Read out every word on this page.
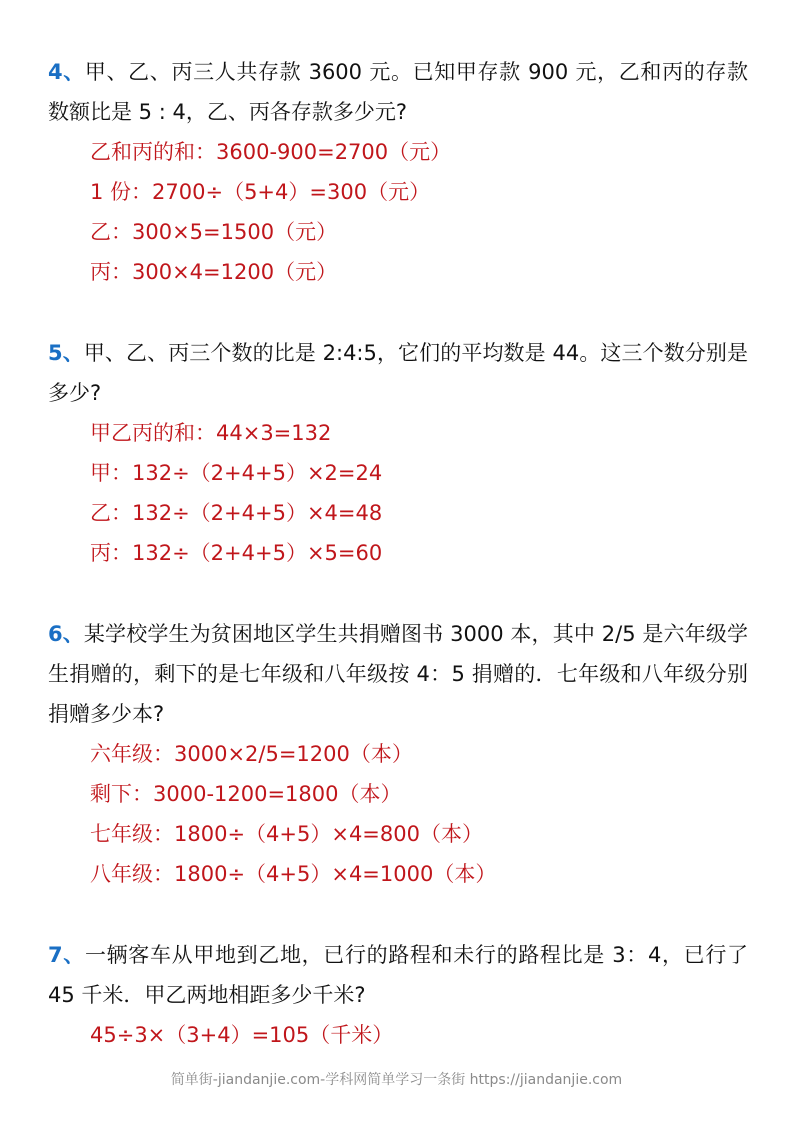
4、甲、乙、丙三人共存款 3600 元。已知甲存款 900 元，乙和丙的存款数额比是 5 : 4，乙、丙各存款多少元?
乙和丙的和：3600-900=2700（元）
1 份：2700÷（5+4）=300（元）
乙：300×5=1500（元）
丙：300×4=1200（元）
5、甲、乙、丙三个数的比是 2:4:5，它们的平均数是 44。这三个数分别是多少?
甲乙丙的和：44×3=132
甲：132÷（2+4+5）×2=24
乙：132÷（2+4+5）×4=48
丙：132÷（2+4+5）×5=60
6、某学校学生为贫困地区学生共捐赠图书 3000 本，其中 2/5 是六年级学生捐赠的，剩下的是七年级和八年级按 4：5 捐赠的．七年级和八年级分别捐赠多少本?
六年级：3000×2/5=1200（本）
剩下：3000-1200=1800（本）
七年级：1800÷（4+5）×4=800（本）
八年级：1800÷（4+5）×4=1000（本）
7、一辆客车从甲地到乙地，已行的路程和未行的路程比是 3：4，已行了 45 千米．甲乙两地相距多少千米?
45÷3×（3+4）=105（千米）
简单街-jiandanjie.com-学科网简单学习一条街 https://jiandanjie.com
